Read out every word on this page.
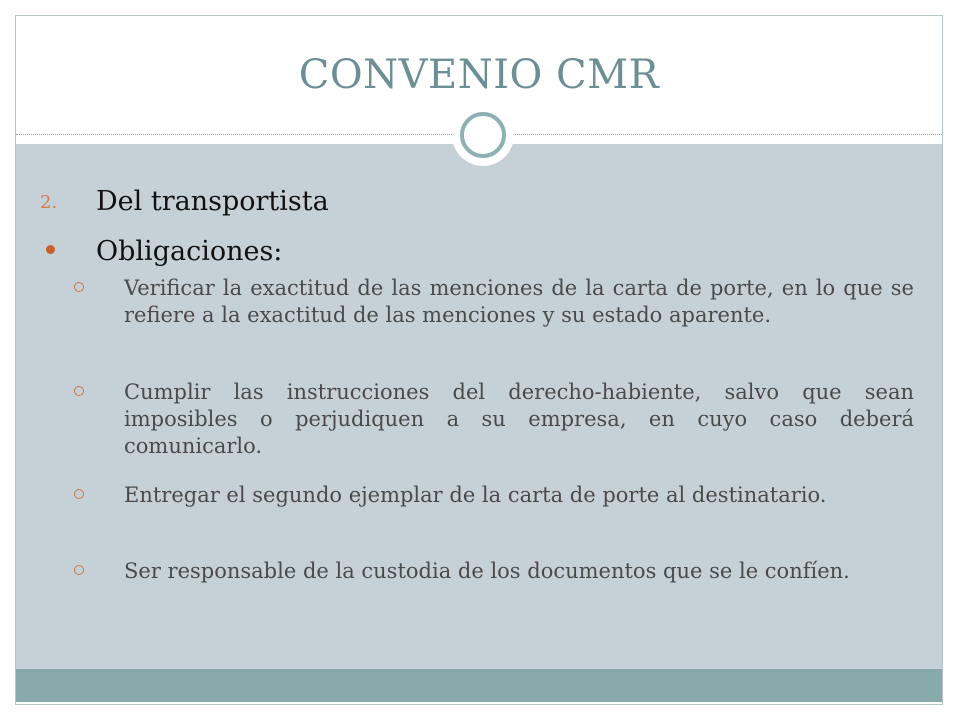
CONVENIO CMR
2. Del transportista
Obligaciones:
Verificar la exactitud de las menciones de la carta de porte, en lo que se refiere a la exactitud de las menciones y su estado aparente.
Cumplir las instrucciones del derecho-habiente, salvo que sean imposibles o perjudiquen a su empresa, en cuyo caso deberá comunicarlo.
Entregar el segundo ejemplar de la carta de porte al destinatario.
Ser responsable de la custodia de los documentos que se le confíen.
